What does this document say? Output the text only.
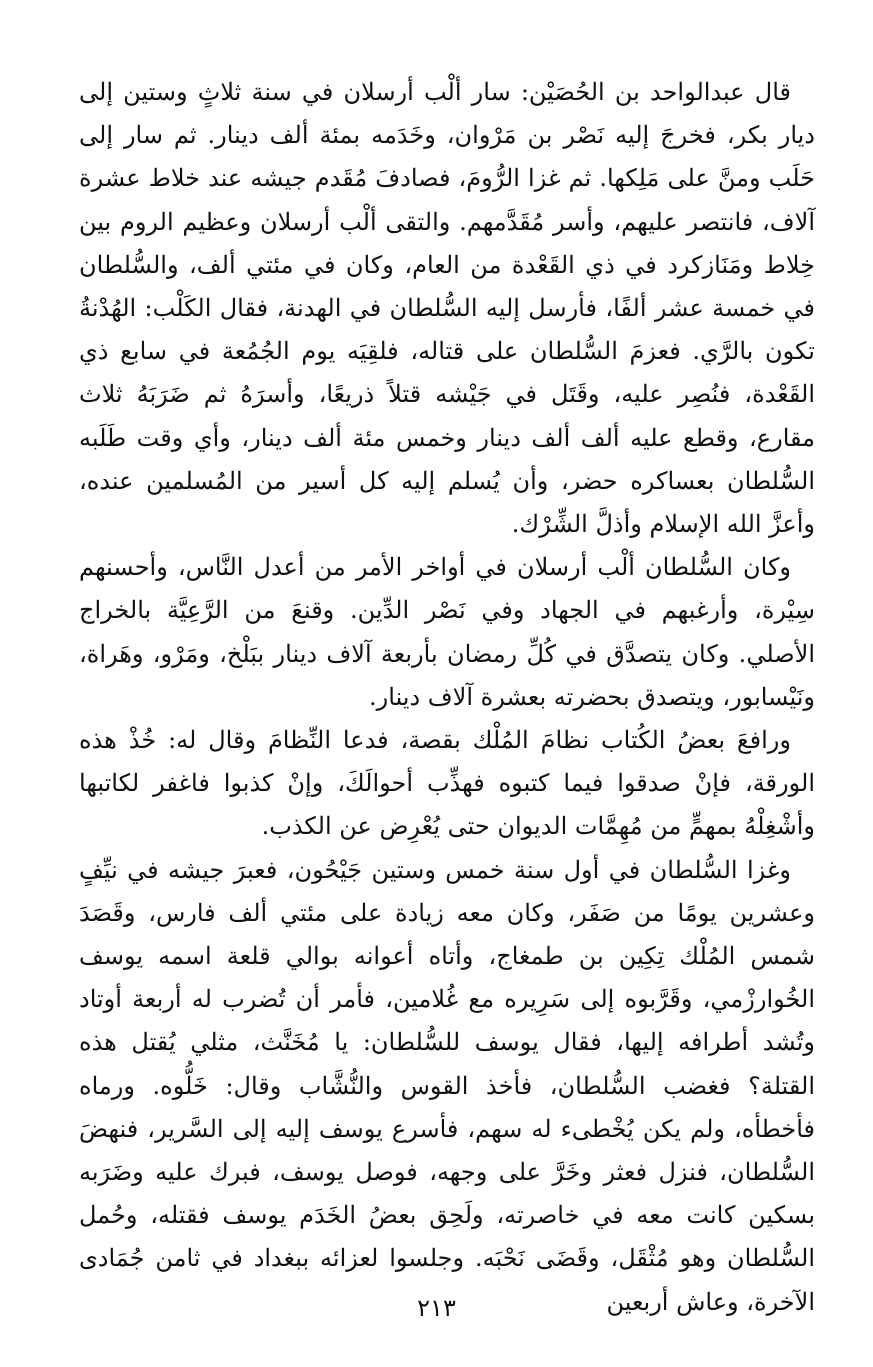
قال عبدالواحد بن الحُصَيْن: سار ألْب أرسلان في سنة ثلاثٍ وستين إلى ديار بكر، فخرجَ إليه نَصْر بن مَرْوان، وخَدَمه بمئة ألف دينار. ثم سار إلى حَلَب ومنَّ على مَلِكها. ثم غزا الرُّومَ، فصادفَ مُقَدم جيشه عند خلاط عشرة آلاف، فانتصر عليهم، وأسر مُقَدَّمهم. والتقى ألْب أرسلان وعظيم الروم بين خِلاط ومَنَازكرد في ذي القَعْدة من العام، وكان في مئتي ألف، والسُّلطان في خمسة عشر ألفًا، فأرسل إليه السُّلطان في الهدنة، فقال الكَلْب: الهُدْنةُ تكون بالرَّي. فعزمَ السُّلطان على قتاله، فلقِيَه يوم الجُمُعة في سابع ذي القَعْدة، فنُصِر عليه، وقَتَل في جَيْشه قتلاً ذريعًا، وأسرَهُ ثم ضَرَبَهُ ثلاث مقارع، وقطع عليه ألف ألف دينار وخمس مئة ألف دينار، وأي وقت طَلَبه السُّلطان بعساكره حضر، وأن يُسلم إليه كل أسير من المُسلمين عنده، وأعزَّ الله الإسلام وأذلَّ الشِّرْك.

وكان السُّلطان ألْب أرسلان في أواخر الأمر من أعدل النَّاس، وأحسنهم سِيْرة، وأرغبهم في الجهاد وفي نَصْر الدِّين. وقنعَ من الرَّعِيَّة بالخراج الأصلي. وكان يتصدَّق في كُلِّ رمضان بأربعة آلاف دينار ببَلْخ، ومَرْو، وهَراة، ونَيْسابور، ويتصدق بحضرته بعشرة آلاف دينار.

ورافعَ بعضُ الكُتاب نظامَ المُلْك بقصة، فدعا النِّظامَ وقال له: خُذْ هذه الورقة، فإنْ صدقوا فيما كتبوه فهذِّب أحوالَكَ، وإنْ كذبوا فاغفر لكاتبها وأشْغِلْهُ بمهمٍّ من مُهِمَّات الديوان حتى يُعْرِض عن الكذب.

وغزا السُّلطان في أول سنة خمس وستين جَيْحُون، فعبرَ جيشه في نيِّفٍ وعشرين يومًا من صَفَر، وكان معه زيادة على مئتي ألف فارس، وقَصَدَ شمس المُلْك تِكِين بن طمغاج، وأتاه أعوانه بوالي قلعة اسمه يوسف الخُوارزْمي، وقَرَّبوه إلى سَرِيره مع غُلامين، فأمر أن تُضرب له أربعة أوتاد وتُشد أطرافه إليها، فقال يوسف للسُّلطان: يا مُخَنَّث، مثلي يُقتل هذه القتلة؟ فغضب السُّلطان، فأخذ القوس والنُّشَّاب وقال: خَلُّوه. ورماه فأخطأه، ولم يكن يُخْطىء له سهم، فأسرع يوسف إليه إلى السَّرير، فنهضَ السُّلطان، فنزل فعثر وخَرَّ على وجهه، فوصل يوسف، فبرك عليه وضَرَبه بسكين كانت معه في خاصرته، ولَحِق بعضُ الخَدَم يوسف فقتله، وحُمل السُّلطان وهو مُثْقَل، وقَضَى نَحْبَه. وجلسوا لعزائه ببغداد في ثامن جُمَادى الآخرة، وعاش أربعين

٢١٣
